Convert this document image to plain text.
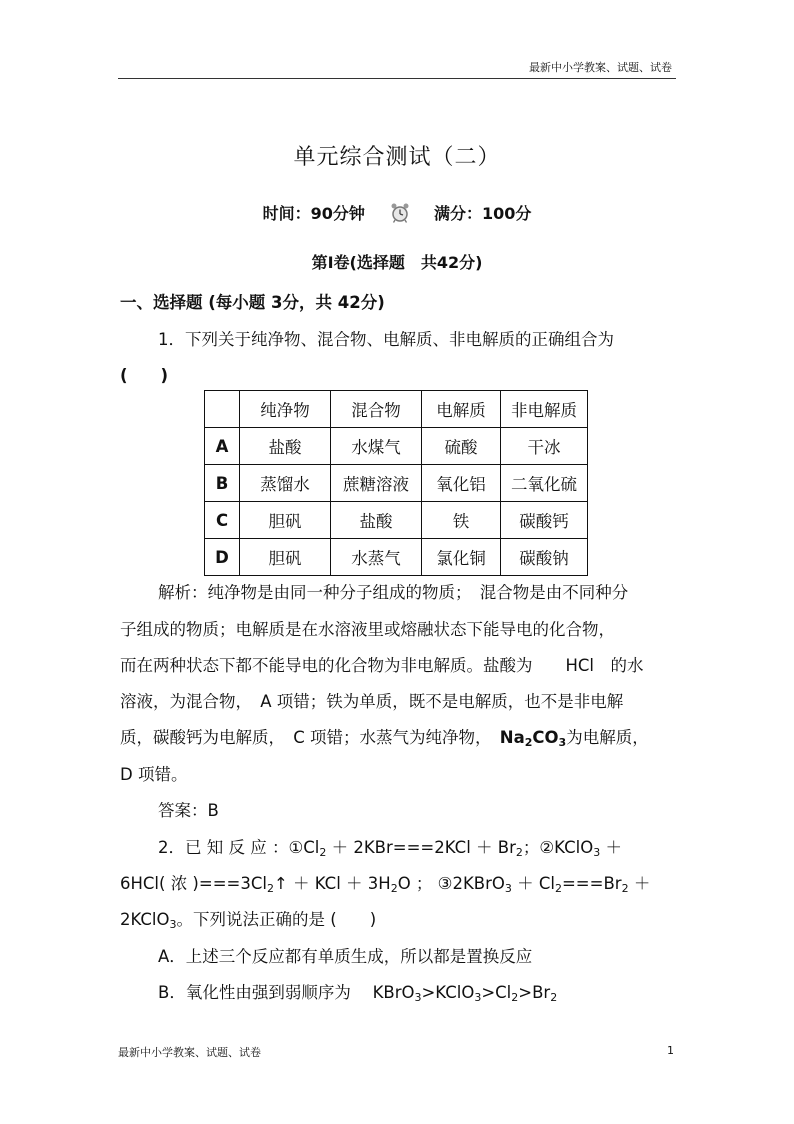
最新中小学教案、试题、试卷
单元综合测试（二）
时间：90分钟	满分：100分
第Ⅰ卷(选择题　共42分)
一、选择题 (每小题 3分，共 42分)
1．下列关于纯净物、混合物、电解质、非电解质的正确组合为
(　　)
	纯净物	混合物	电解质	非电解质
A	盐酸	水煤气	硫酸	干冰
B	蒸馏水	蔗糖溶液	氧化铝	二氧化硫
C	胆矾	盐酸	铁	碳酸钙
D	胆矾	水蒸气	氯化铜	碳酸钠
解析：纯净物是由同一种分子组成的物质；　混合物是由不同种分
子组成的物质；电解质是在水溶液里或熔融状态下能导电的化合物，
而在两种状态下都不能导电的化合物为非电解质。盐酸为　　HCl　的水
溶液，为混合物，　A 项错；铁为单质，既不是电解质，也不是非电解
质，碳酸钙为电解质，　C 项错；水蒸气为纯净物，　 $Na_2CO_3$为电解质，
D 项错。
答案：B
2．已 知 反 应 ：$①Cl_2 + 2KBr===2KCl + Br_2$；②KClO$_3$ ＋
6HCl( 浓 )$===3Cl_2↑$ ＋ KCl ＋ $3H_2O$ ； ③2KBrO$_3$ ＋ $Cl_2===Br_2$ ＋
2KClO$_3$。下列说法正确的是 (　　)
A．上述三个反应都有单质生成，所以都是置换反应
B．氧化性由强到弱顺序为　 $KBrO_3>KClO_3>Cl_2>Br_2$
最新中小学教案、试题、试卷	1
